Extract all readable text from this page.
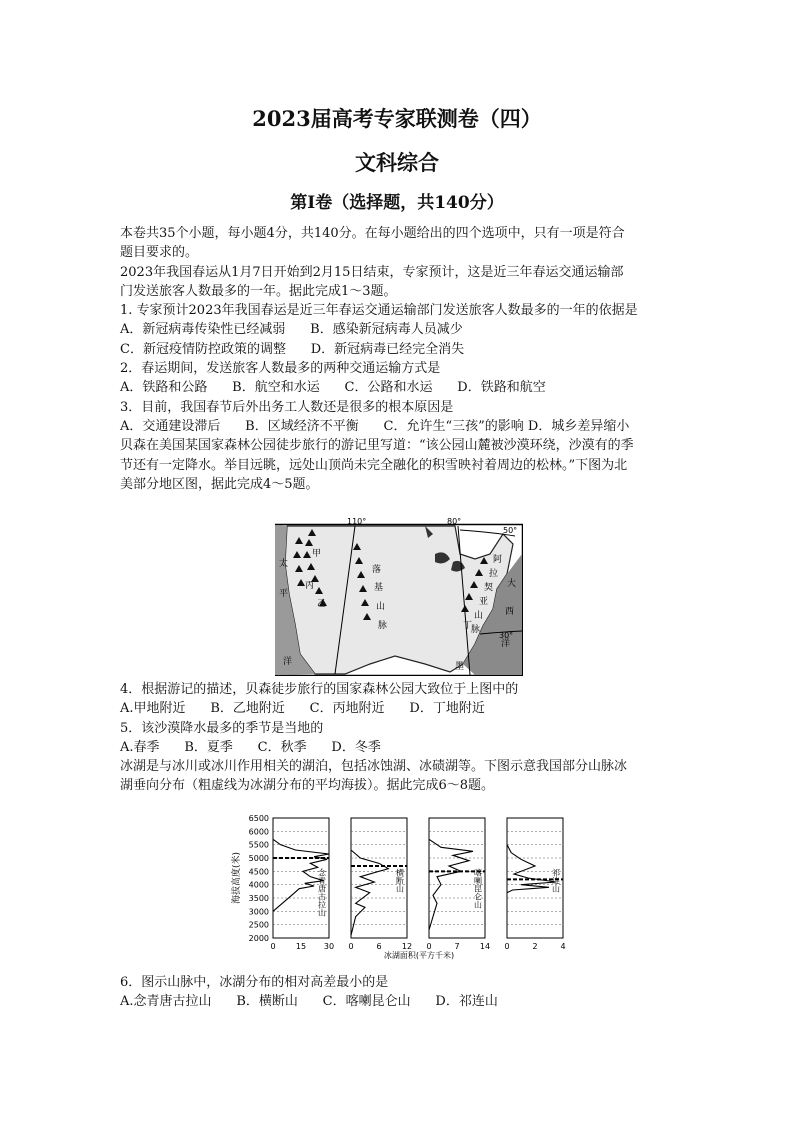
2023届高考专家联测卷（四）
文科综合
第Ⅰ卷（选择题，共140分）
本卷共35个小题，每小题4分，共140分。在每小题给出的四个选项中，只有一项是符合
题目要求的。
2023年我国春运从1月7日开始到2月15日结束，专家预计，这是近三年春运交通运输部
门发送旅客人数最多的一年。据此完成1～3题。
1. 专家预计2023年我国春运是近三年春运交通运输部门发送旅客人数最多的一年的依据是
A．新冠病毒传染性已经减弱      B．感染新冠病毒人员减少
C．新冠疫情防控政策的调整      D．新冠病毒已经完全消失
2．春运期间，发送旅客人数最多的两种交通运输方式是
A．铁路和公路      B．航空和水运      C．公路和水运      D．铁路和航空
3．目前，我国春节后外出务工人数还是很多的根本原因是
A．交通建设滞后      B．区域经济不平衡      C．允许生“三孩”的影响 D．城乡差异缩小
贝森在美国某国家森林公园徒步旅行的游记里写道：“该公园山麓被沙漠环绕，沙漠有的季
节还有一定降水。举目远眺，远处山顶尚未完全融化的积雪映衬着周边的松林。”下图为北
美部分地区图，据此完成4～5题。
110°	80°
50°
30°
太
平
洋
落
基
山
脉
甲
丙
乙
丁
阿
拉
契
亚
山
脉
大
西
洋
墨
4．根据游记的描述，贝森徒步旅行的国家森林公园大致位于上图中的
A.甲地附近      B．乙地附近      C．丙地附近      D．丁地附近
5．该沙漠降水最多的季节是当地的
A.春季      B．夏季      C．秋季      D．冬季
冰湖是与冰川或冰川作用相关的湖泊，包括冰蚀湖、冰碛湖等。下图示意我国部分山脉冰
湖垂向分布（粗虚线为冰湖分布的平均海拔）。据此完成6～8题。
海拔高度(米)
冰湖面积(平方千米)
2000
2500
3000
3500
4000
4500
5000
5500
6000
6500
0	15 30
念青唐古拉山
0	6	12
横断山
0	7	14
喀喇昆仑山
0	2	4
祁连山
6．图示山脉中，冰湖分布的相对高差最小的是
A.念青唐古拉山      B．横断山      C．喀喇昆仑山      D．祁连山
